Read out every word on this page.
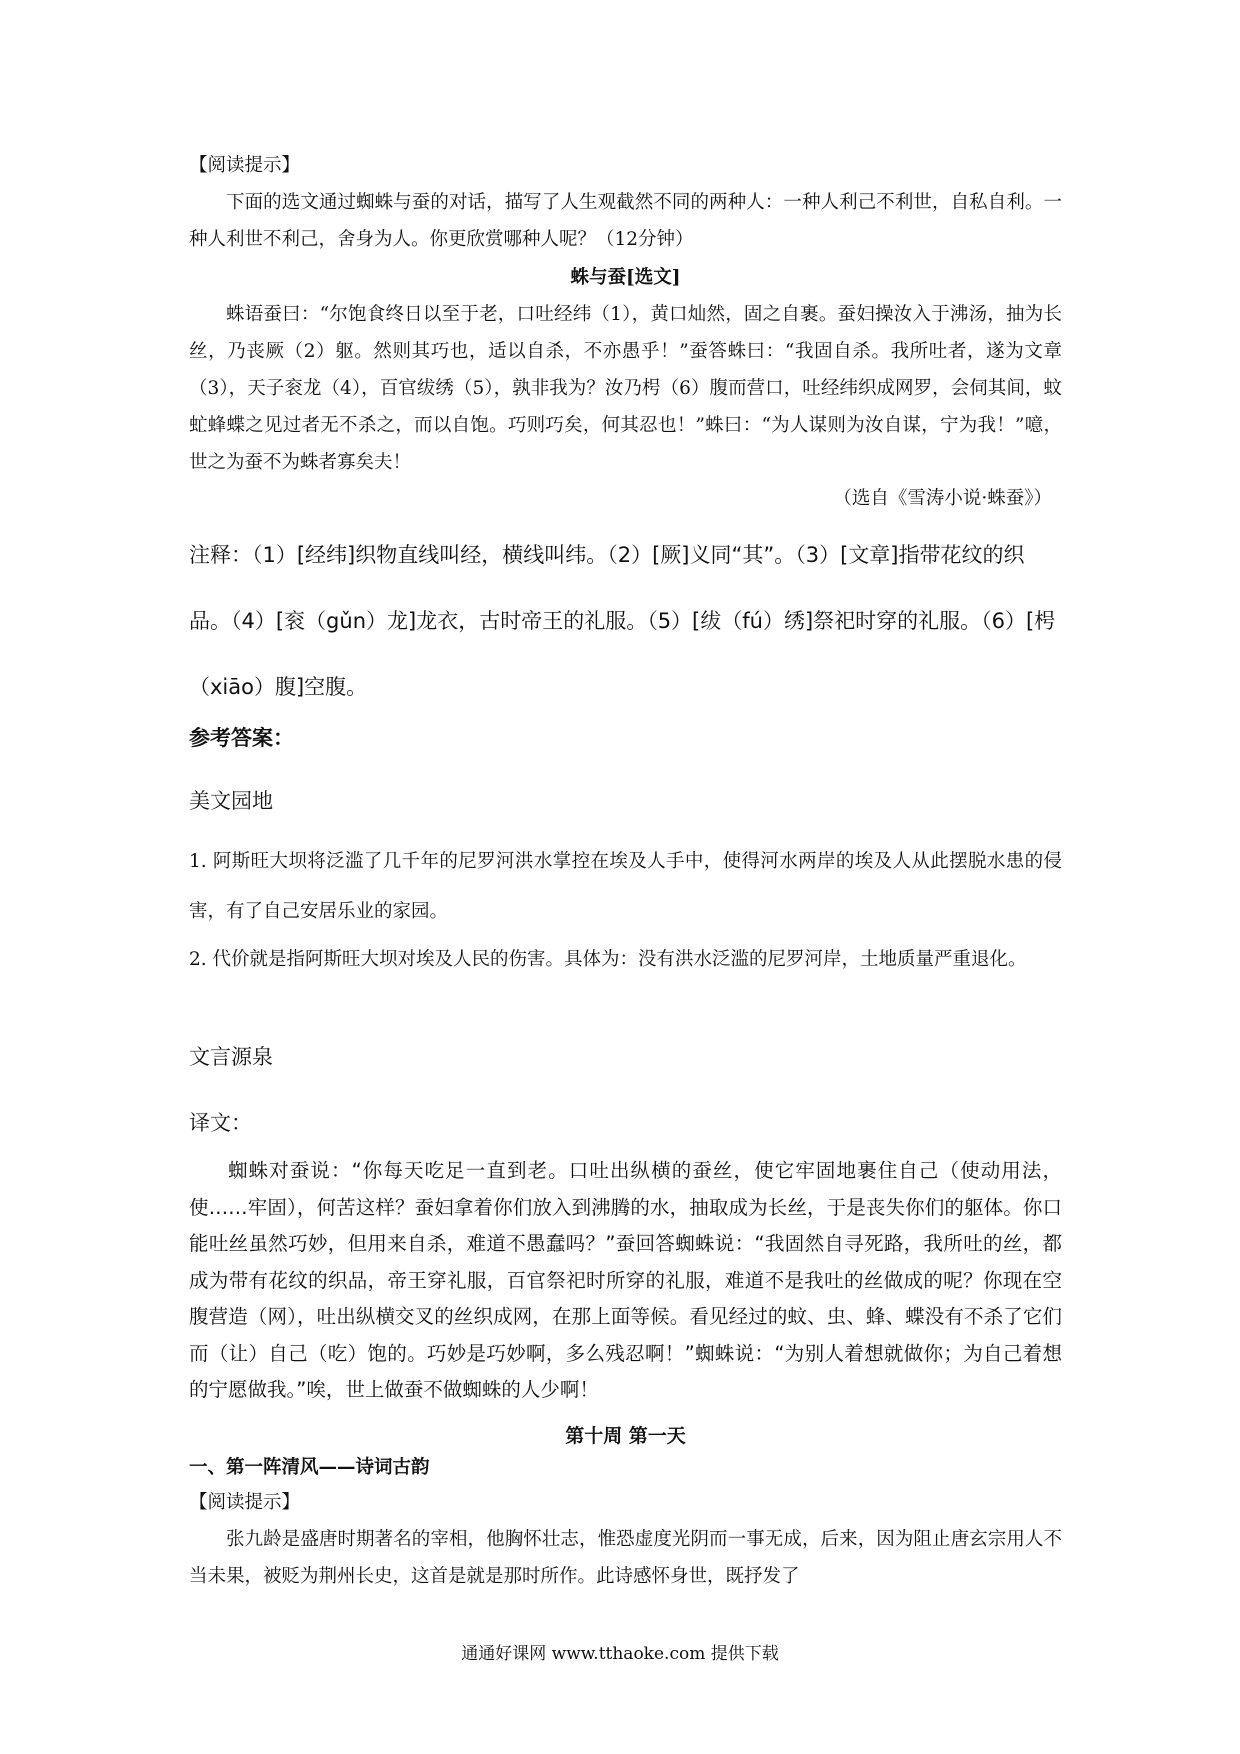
【阅读提示】

下面的选文通过蜘蛛与蚕的对话，描写了人生观截然不同的两种人：一种人利己不利世，自私自利。一种人利世不利己，舍身为人。你更欣赏哪种人呢？（12分钟）

蛛与蚕[选文]

蛛语蚕曰：“尔饱食终日以至于老，口吐经纬（1），黄口灿然，固之自裹。蚕妇操汝入于沸汤，抽为长丝，乃丧厥（2）躯。然则其巧也，适以自杀，不亦愚乎！”蚕答蛛曰：“我固自杀。我所吐者，遂为文章（3），天子衮龙（4），百官绂绣（5），孰非我为？汝乃枵（6）腹而营口，吐经纬织成网罗，会伺其间，蚊虻蜂蝶之见过者无不杀之，而以自饱。巧则巧矣，何其忍也！”蛛曰：“为人谋则为汝自谋，宁为我！”噫，世之为蚕不为蛛者寡矣夫！

（选自《雪涛小说·蛛蚕》）

注释：（1）[经纬]织物直线叫经，横线叫纬。（2）[厥]义同“其”。（3）[文章]指带花纹的织品。（4）[衮（gǔn）龙]龙衣，古时帝王的礼服。（5）[绂（fú）绣]祭祀时穿的礼服。（6）[枵（xiāo）腹]空腹。

参考答案：
美文园地

1. 阿斯旺大坝将泛滥了几千年的尼罗河洪水掌控在埃及人手中，使得河水两岸的埃及人从此摆脱水患的侵害，有了自己安居乐业的家园。

2. 代价就是指阿斯旺大坝对埃及人民的伤害。具体为：没有洪水泛滥的尼罗河岸，土地质量严重退化。

文言源泉
译文：

蜘蛛对蚕说：“你每天吃足一直到老。口吐出纵横的蚕丝，使它牢固地裹住自己（使动用法，使……牢固），何苦这样？蚕妇拿着你们放入到沸腾的水，抽取成为长丝，于是丧失你们的躯体。你口能吐丝虽然巧妙，但用来自杀，难道不愚蠢吗？”蚕回答蜘蛛说：“我固然自寻死路，我所吐的丝，都成为带有花纹的织品，帝王穿礼服，百官祭祀时所穿的礼服，难道不是我吐的丝做成的呢？你现在空腹营造（网），吐出纵横交叉的丝织成网，在那上面等候。看见经过的蚊、虫、蜂、蝶没有不杀了它们而（让）自己（吃）饱的。巧妙是巧妙啊，多么残忍啊！”蜘蛛说：“为别人着想就做你；为自己着想的宁愿做我。”唉，世上做蚕不做蜘蛛的人少啊！

第十周 第一天
一、第一阵清风——诗词古韵
【阅读提示】

张九龄是盛唐时期著名的宰相，他胸怀壮志，惟恐虚度光阴而一事无成，后来，因为阻止唐玄宗用人不当未果，被贬为荆州长史，这首是就是那时所作。此诗感怀身世，既抒发了

通通好课网 www.tthaoke.com 提供下载
